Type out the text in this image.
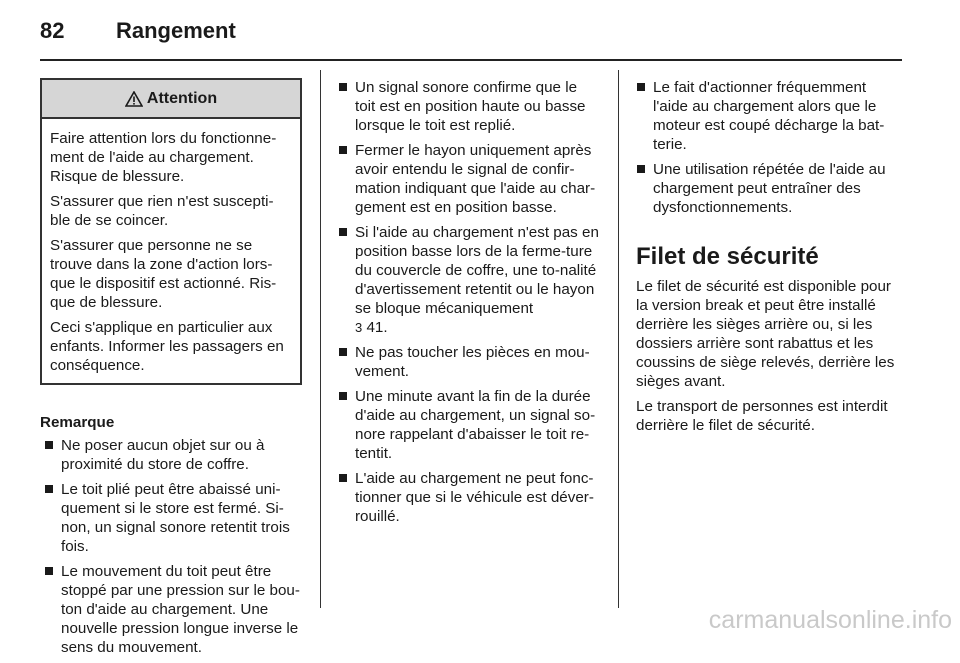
82 Rangement
Attention

Faire attention lors du fonctionne-ment de l'aide au chargement. Risque de blessure.

S'assurer que rien n'est suscepti-ble de se coincer.

S'assurer que personne ne se trouve dans la zone d'action lors-que le dispositif est actionné. Ris-que de blessure.

Ceci s'applique en particulier aux enfants. Informer les passagers en conséquence.

Remarque
Ne poser aucun objet sur ou à proximité du store de coffre.
Le toit plié peut être abaissé uni-quement si le store est fermé. Si-non, un signal sonore retentit trois fois.
Le mouvement du toit peut être stoppé par une pression sur le bou-ton d'aide au chargement. Une nouvelle pression longue inverse le sens du mouvement.
Un signal sonore confirme que le toit est en position haute ou basse lorsque le toit est replié.
Fermer le hayon uniquement après avoir entendu le signal de confir-mation indiquant que l'aide au char-gement est en position basse.
Si l'aide au chargement n'est pas en position basse lors de la ferme-ture du couvercle de coffre, une to-nalité d'avertissement retentit ou le hayon se bloque mécaniquement
3 41.
Ne pas toucher les pièces en mou-vement.
Une minute avant la fin de la durée d'aide au chargement, un signal so-nore rappelant d'abaisser le toit re-tentit.
L'aide au chargement ne peut fonc-tionner que si le véhicule est déver-rouillé.
Le fait d'actionner fréquemment l'aide au chargement alors que le moteur est coupé décharge la bat-terie.
Une utilisation répétée de l'aide au chargement peut entraîner des dysfonctionnements.
Filet de sécurité

Le filet de sécurité est disponible pour la version break et peut être installé derrière les sièges arrière ou, si les dossiers arrière sont rabattus et les coussins de siège relevés, derrière les sièges avant.

Le transport de personnes est interdit derrière le filet de sécurité.

carmanualsonline.info
